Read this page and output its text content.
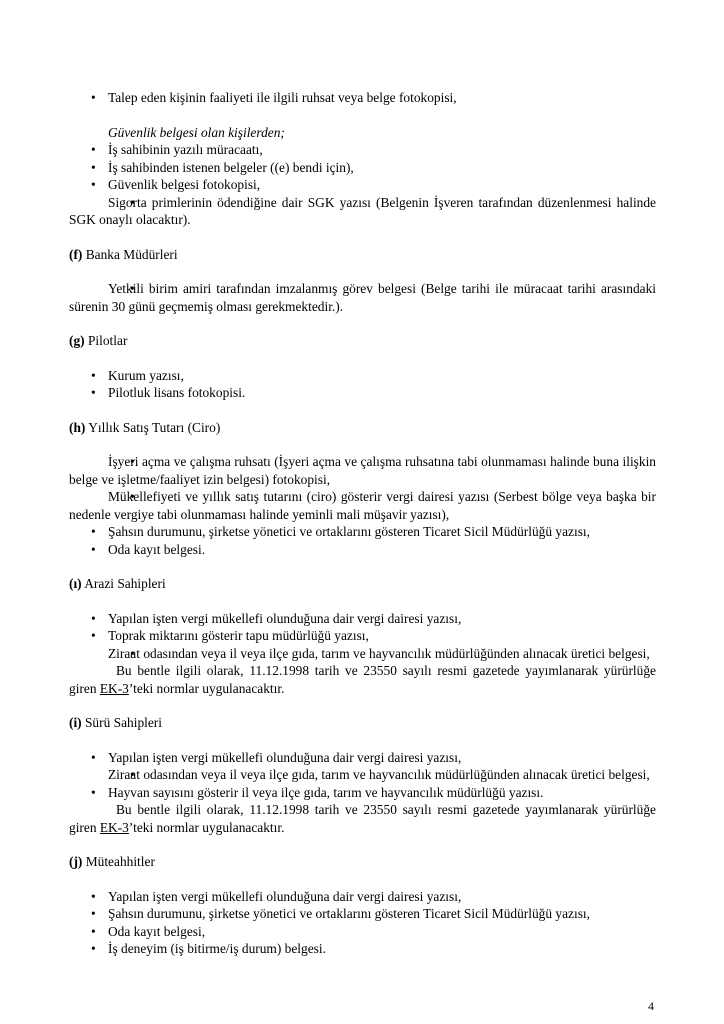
• Talep eden kişinin faaliyeti ile ilgili ruhsat veya belge fotokopisi,
Güvenlik belgesi olan kişilerden;
• İş sahibinin yazılı müracaatı,
• İş sahibinden istenen belgeler ((e) bendi için),
• Güvenlik belgesi fotokopisi,
• Sigorta primlerinin ödendiğine dair SGK yazısı (Belgenin İşveren tarafından düzenlenmesi halinde SGK onaylı olacaktır).
(f) Banka Müdürleri
• Yetkili birim amiri tarafından imzalanmış görev belgesi (Belge tarihi ile müracaat tarihi arasındaki sürenin 30 günü geçmemiş olması gerekmektedir.).
(g) Pilotlar
• Kurum yazısı,
• Pilotluk lisans fotokopisi.
(h) Yıllık Satış Tutarı (Ciro)
• İşyeri açma ve çalışma ruhsatı (İşyeri açma ve çalışma ruhsatına tabi olunmaması halinde buna ilişkin belge ve işletme/faaliyet izin belgesi) fotokopisi,
• Mükellefiyeti ve yıllık satış tutarını (ciro) gösterir vergi dairesi yazısı (Serbest bölge veya başka bir nedenle vergiye tabi olunmaması halinde yeminli mali müşavir yazısı),
• Şahsın durumunu, şirketse yönetici ve ortaklarını gösteren Ticaret Sicil Müdürlüğü yazısı,
• Oda kayıt belgesi.
(ı) Arazi Sahipleri
• Yapılan işten vergi mükellefi olunduğuna dair vergi dairesi yazısı,
• Toprak miktarını gösterir tapu müdürlüğü yazısı,
• Ziraat odasından veya il veya ilçe gıda, tarım ve hayvancılık müdürlüğünden alınacak üretici belgesi,
Bu bentle ilgili olarak, 11.12.1998 tarih ve 23550 sayılı resmi gazetede yayımlanarak yürürlüğe giren EK-3’teki normlar uygulanacaktır.
(i) Sürü Sahipleri
• Yapılan işten vergi mükellefi olunduğuna dair vergi dairesi yazısı,
• Ziraat odasından veya il veya ilçe gıda, tarım ve hayvancılık müdürlüğünden alınacak üretici belgesi,
• Hayvan sayısını gösterir il veya ilçe gıda, tarım ve hayvancılık müdürlüğü yazısı.
Bu bentle ilgili olarak, 11.12.1998 tarih ve 23550 sayılı resmi gazetede yayımlanarak yürürlüğe giren EK-3’teki normlar uygulanacaktır.
(j) Müteahhitler
• Yapılan işten vergi mükellefi olunduğuna dair vergi dairesi yazısı,
• Şahsın durumunu, şirketse yönetici ve ortaklarını gösteren Ticaret Sicil Müdürlüğü yazısı,
• Oda kayıt belgesi,
• İş deneyim (iş bitirme/iş durum) belgesi.
4
